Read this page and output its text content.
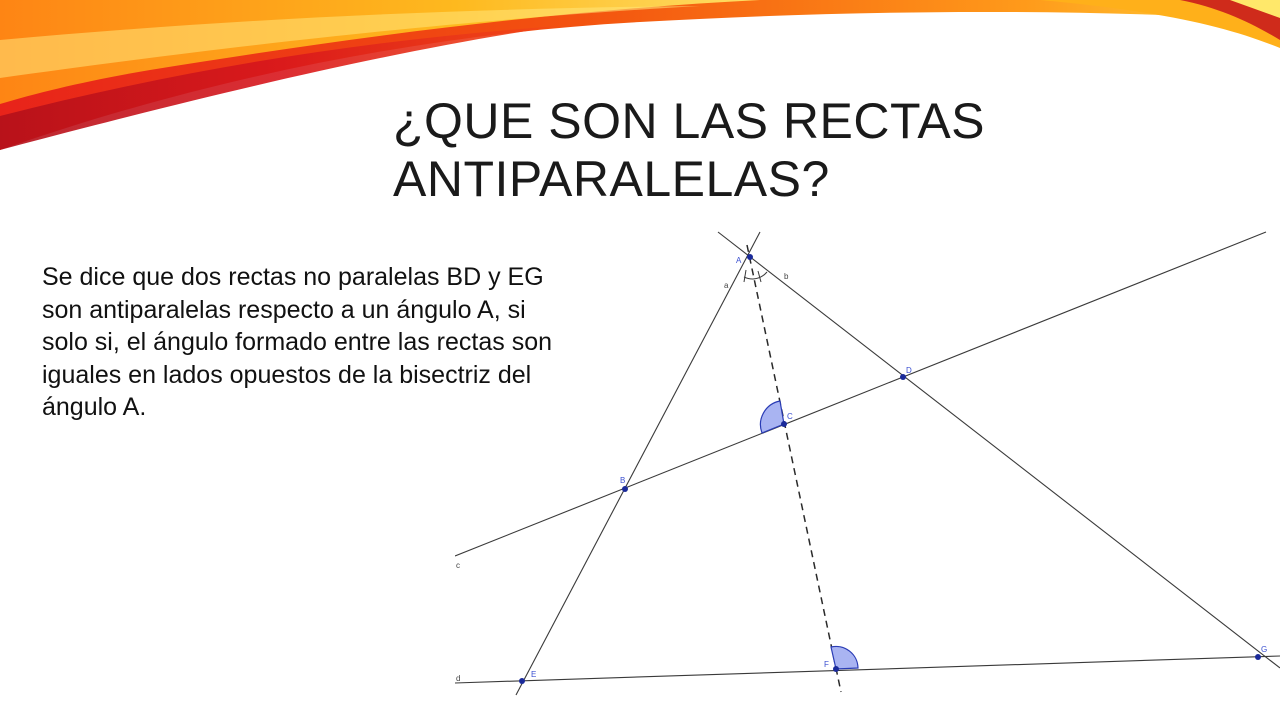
¿QUE SON LAS RECTAS ANTIPARALELAS?

Se dice que dos rectas no paralelas BD y EG son antiparalelas respecto a un ángulo A, si solo si, el ángulo formado entre las rectas son iguales en lados opuestos de la bisectriz del ángulo A.

A
B
C
D
E
F
G
a
b
c
d
